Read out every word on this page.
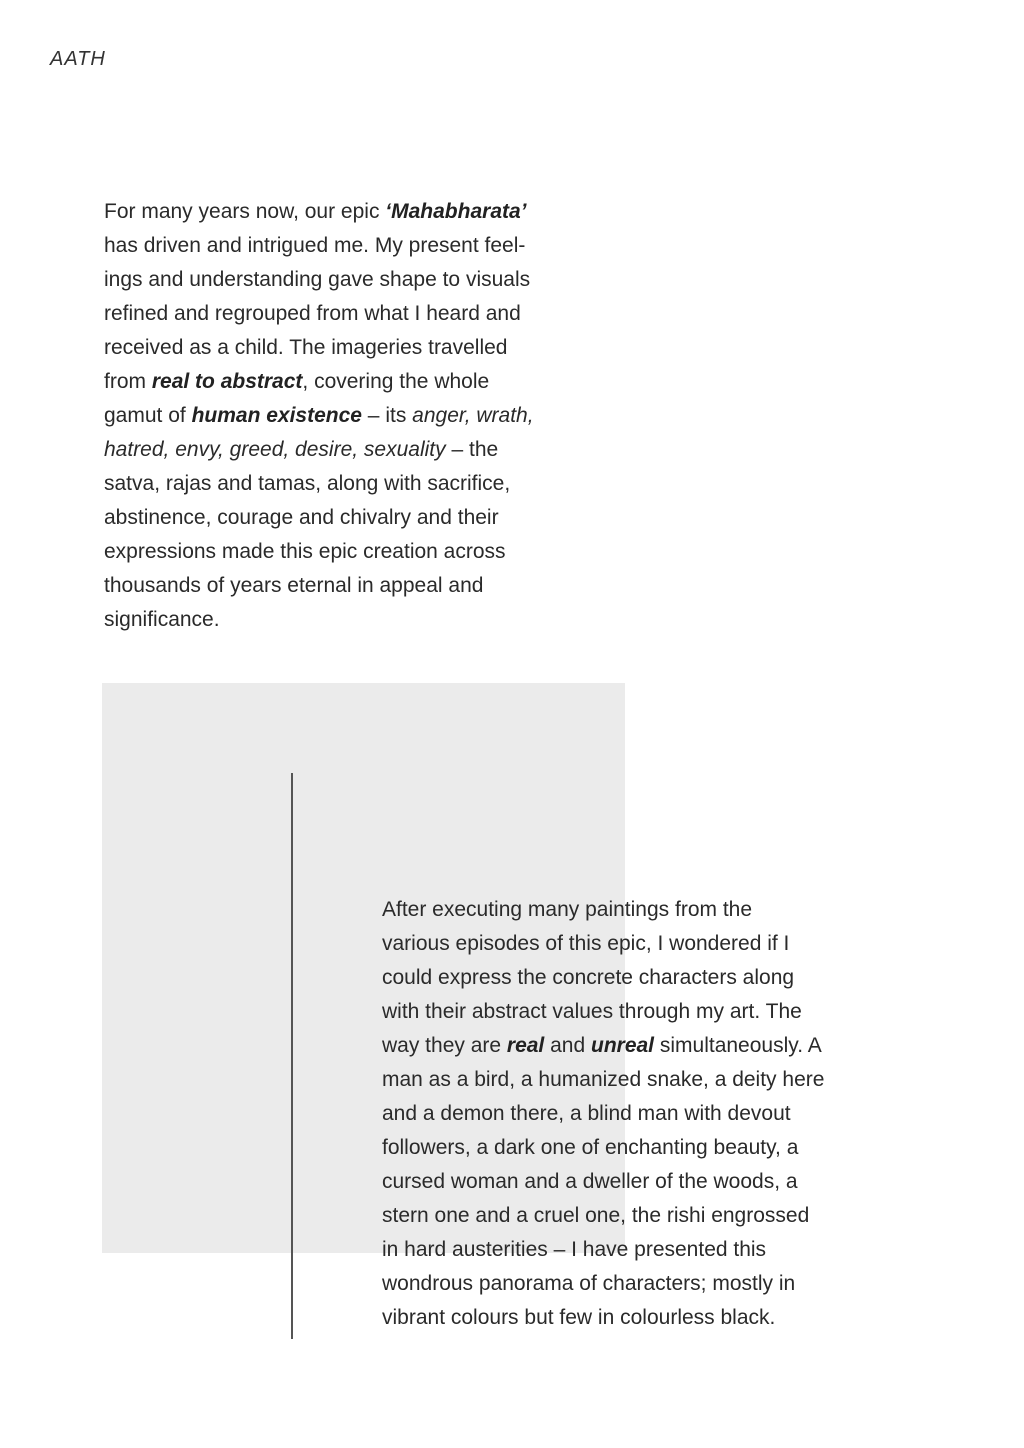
AATH
For many years now, our epic ‘Mahabharata’
has driven and intrigued me. My present feel-
ings and understanding gave shape to visuals
refined and regrouped from what I heard and
received as a child. The imageries travelled
from real to abstract, covering the whole
gamut of human existence – its anger, wrath,
hatred, envy, greed, desire, sexuality – the
satva, rajas and tamas, along with sacrifice,
abstinence, courage and chivalry and their
expressions made this epic creation across
thousands of years eternal in appeal and
significance.
After executing many paintings from the
various episodes of this epic, I wondered if I
could express the concrete characters along
with their abstract values through my art. The
way they are real and unreal simultaneously. A
man as a bird, a humanized snake, a deity here
and a demon there, a blind man with devout
followers, a dark one of enchanting beauty, a
cursed woman and a dweller of the woods, a
stern one and a cruel one, the rishi engrossed
in hard austerities – I have presented this
wondrous panorama of characters; mostly in
vibrant colours but few in colourless black.
